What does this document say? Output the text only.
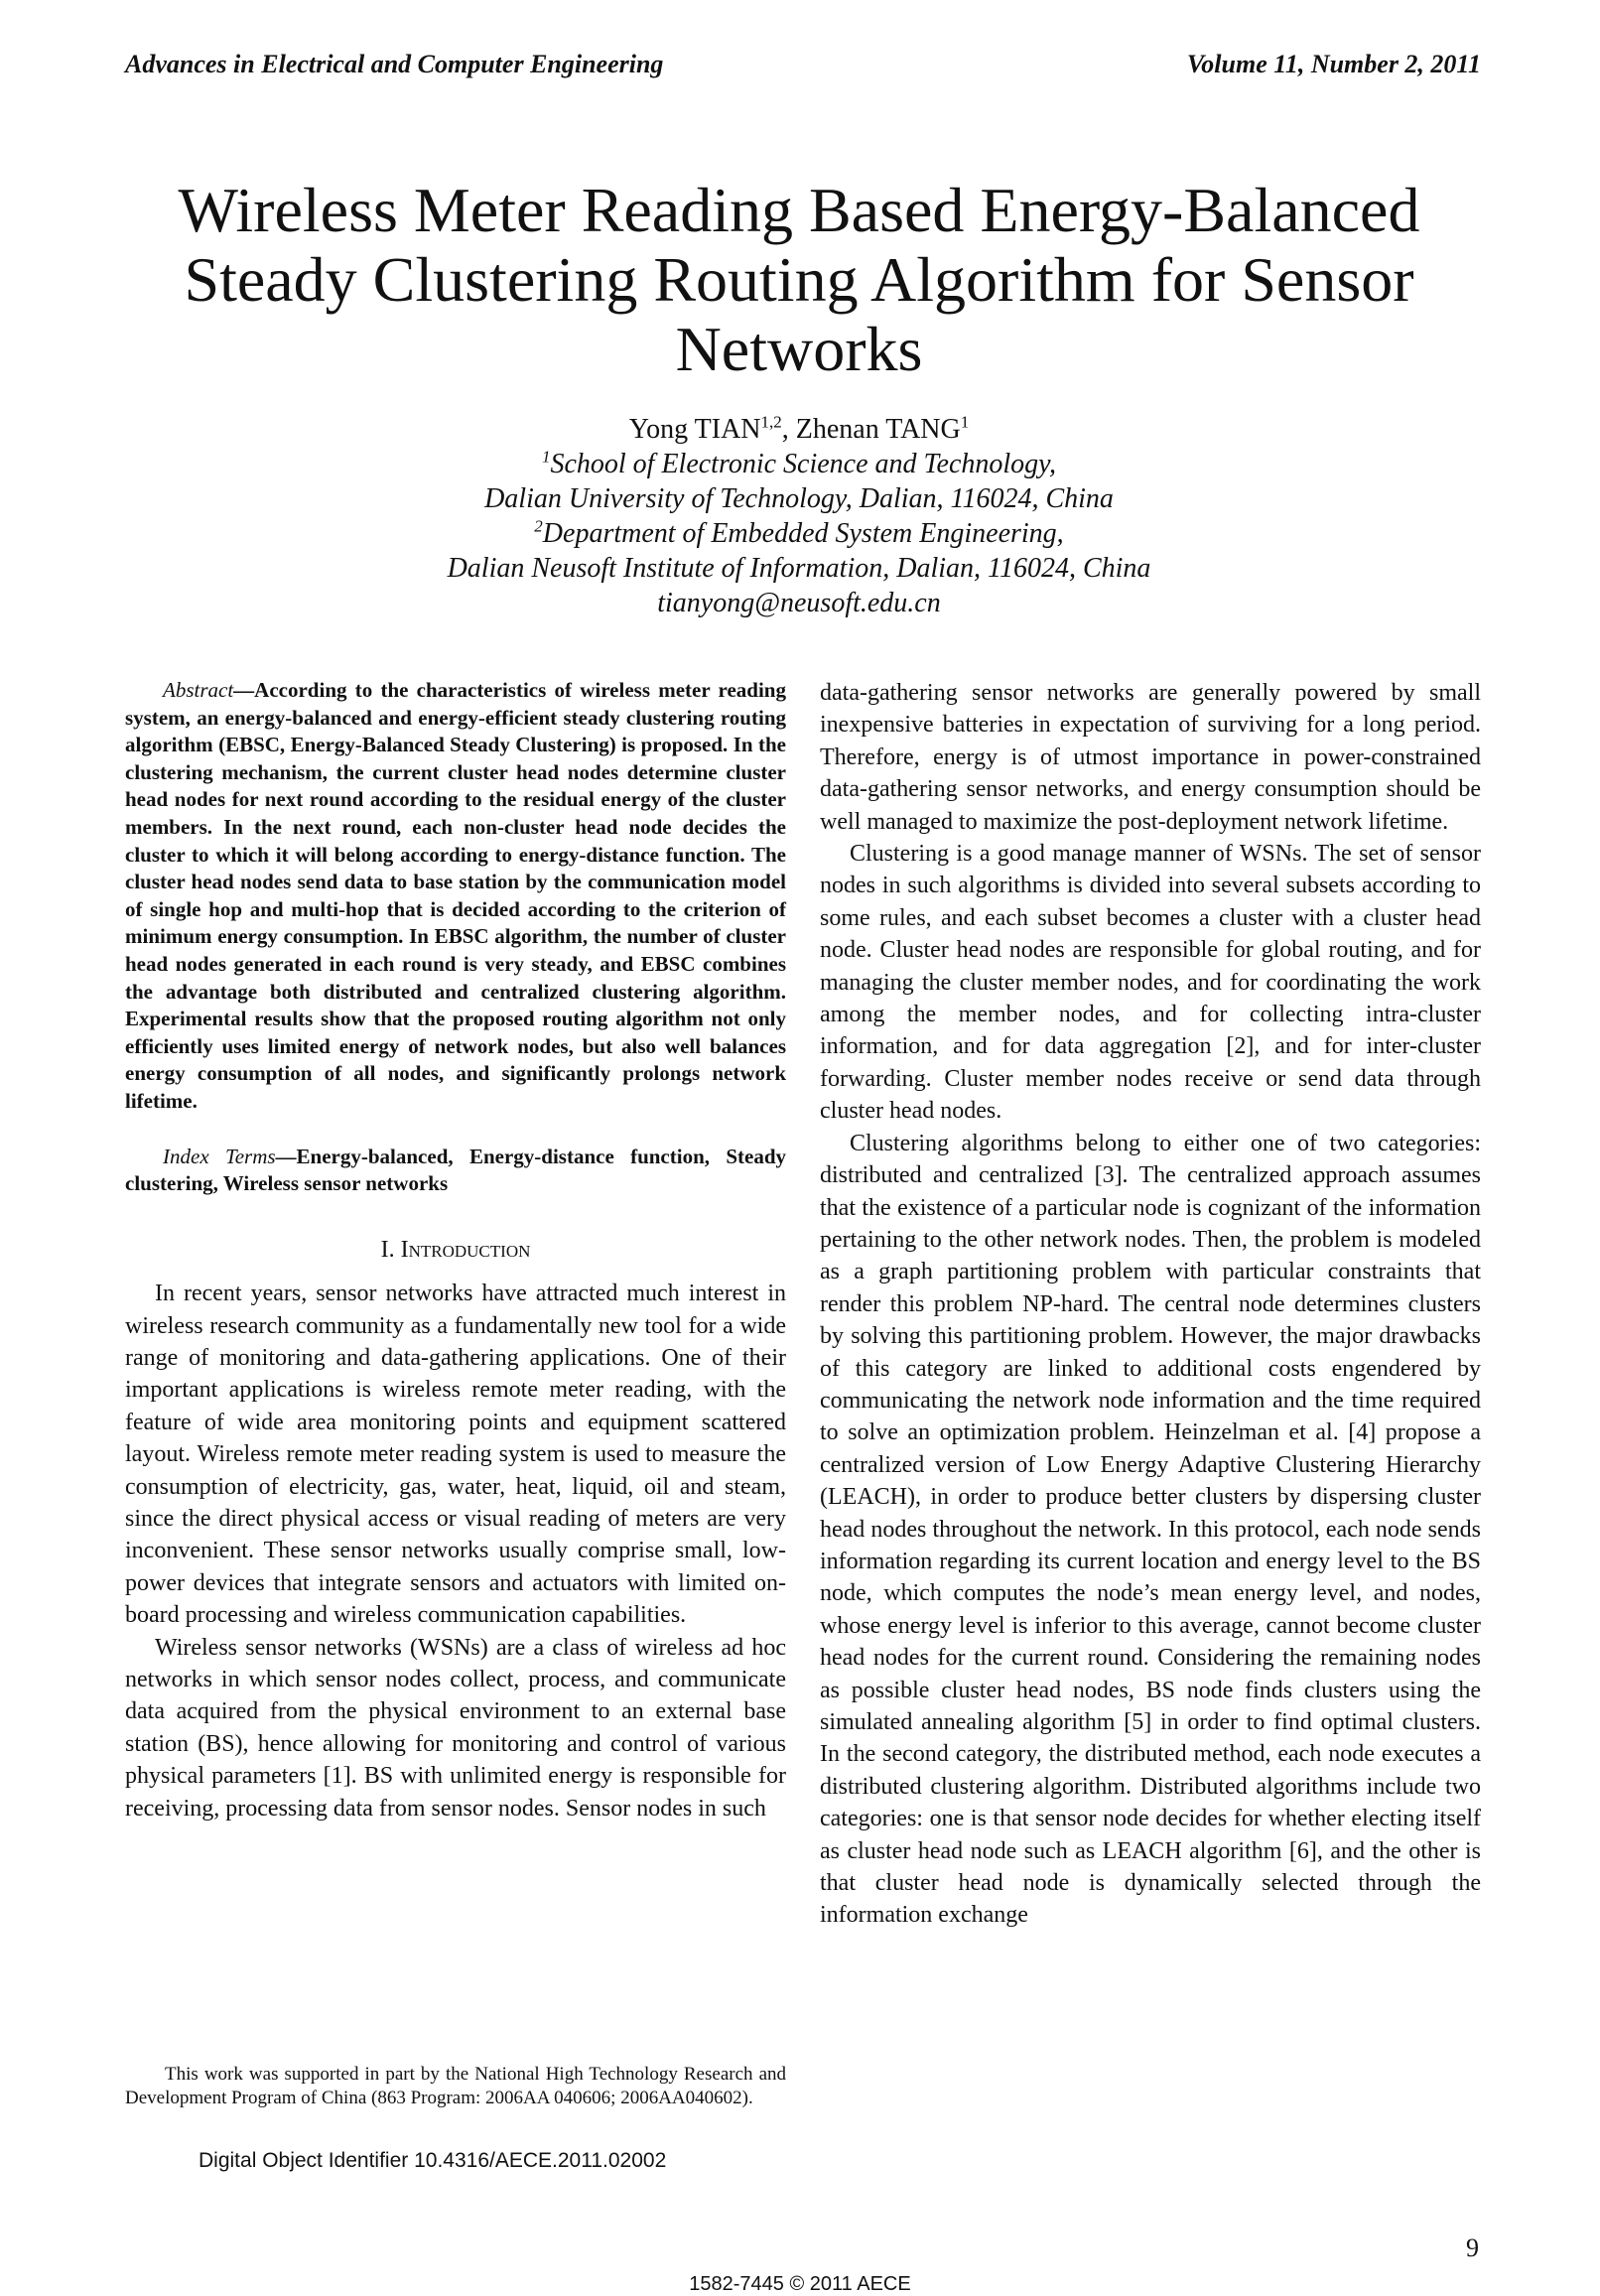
Advances in Electrical and Computer Engineering	Volume 11, Number 2, 2011
Wireless Meter Reading Based Energy-Balanced Steady Clustering Routing Algorithm for Sensor Networks
Yong TIAN$^{1,2}$, Zhenan TANG$^1$
$^1$School of Electronic Science and Technology,
Dalian University of Technology, Dalian, 116024, China
$^2$Department of Embedded System Engineering,
Dalian Neusoft Institute of Information, Dalian, 116024, China
tianyong@neusoft.edu.cn

Abstract—According to the characteristics of wireless meter reading system, an energy-balanced and energy-efficient steady clustering routing algorithm (EBSC, Energy-Balanced Steady Clustering) is proposed. In the clustering mechanism, the current cluster head nodes determine cluster head nodes for next round according to the residual energy of the cluster members. In the next round, each non-cluster head node decides the cluster to which it will belong according to energy-distance function. The cluster head nodes send data to base station by the communication model of single hop and multi-hop that is decided according to the criterion of minimum energy consumption. In EBSC algorithm, the number of cluster head nodes generated in each round is very steady, and EBSC combines the advantage both distributed and centralized clustering algorithm. Experimental results show that the proposed routing algorithm not only efficiently uses limited energy of network nodes, but also well balances energy consumption of all nodes, and significantly prolongs network lifetime.

Index Terms—Energy-balanced, Energy-distance function, Steady clustering, Wireless sensor networks

I. Introduction

In recent years, sensor networks have attracted much interest in wireless research community as a fundamentally new tool for a wide range of monitoring and data-gathering applications. One of their important applications is wireless remote meter reading, with the feature of wide area monitoring points and equipment scattered layout. Wireless remote meter reading system is used to measure the consumption of electricity, gas, water, heat, liquid, oil and steam, since the direct physical access or visual reading of meters are very inconvenient. These sensor networks usually comprise small, low-power devices that integrate sensors and actuators with limited on-board processing and wireless communication capabilities.

Wireless sensor networks (WSNs) are a class of wireless ad hoc networks in which sensor nodes collect, process, and communicate data acquired from the physical environment to an external base station (BS), hence allowing for monitoring and control of various physical parameters [1]. BS with unlimited energy is responsible for receiving, processing data from sensor nodes. Sensor nodes in such

data-gathering sensor networks are generally powered by small inexpensive batteries in expectation of surviving for a long period. Therefore, energy is of utmost importance in power-constrained data-gathering sensor networks, and energy consumption should be well managed to maximize the post-deployment network lifetime.

Clustering is a good manage manner of WSNs. The set of sensor nodes in such algorithms is divided into several subsets according to some rules, and each subset becomes a cluster with a cluster head node. Cluster head nodes are responsible for global routing, and for managing the cluster member nodes, and for coordinating the work among the member nodes, and for collecting intra-cluster information, and for data aggregation [2], and for inter-cluster forwarding. Cluster member nodes receive or send data through cluster head nodes.

Clustering algorithms belong to either one of two categories: distributed and centralized [3]. The centralized approach assumes that the existence of a particular node is cognizant of the information pertaining to the other network nodes. Then, the problem is modeled as a graph partitioning problem with particular constraints that render this problem NP-hard. The central node determines clusters by solving this partitioning problem. However, the major drawbacks of this category are linked to additional costs engendered by communicating the network node information and the time required to solve an optimization problem. Heinzelman et al. [4] propose a centralized version of Low Energy Adaptive Clustering Hierarchy (LEACH), in order to produce better clusters by dispersing cluster head nodes throughout the network. In this protocol, each node sends information regarding its current location and energy level to the BS node, which computes the node’s mean energy level, and nodes, whose energy level is inferior to this average, cannot become cluster head nodes for the current round. Considering the remaining nodes as possible cluster head nodes, BS node finds clusters using the simulated annealing algorithm [5] in order to find optimal clusters. In the second category, the distributed method, each node executes a distributed clustering algorithm. Distributed algorithms include two categories: one is that sensor node decides for whether electing itself as cluster head node such as LEACH algorithm [6], and the other is that cluster head node is dynamically selected through the information exchange

This work was supported in part by the National High Technology Research and Development Program of China (863 Program: 2006AA 040606; 2006AA040602).
Digital Object Identifier 10.4316/AECE.2011.02002
9
1582-7445 © 2011 AECE
